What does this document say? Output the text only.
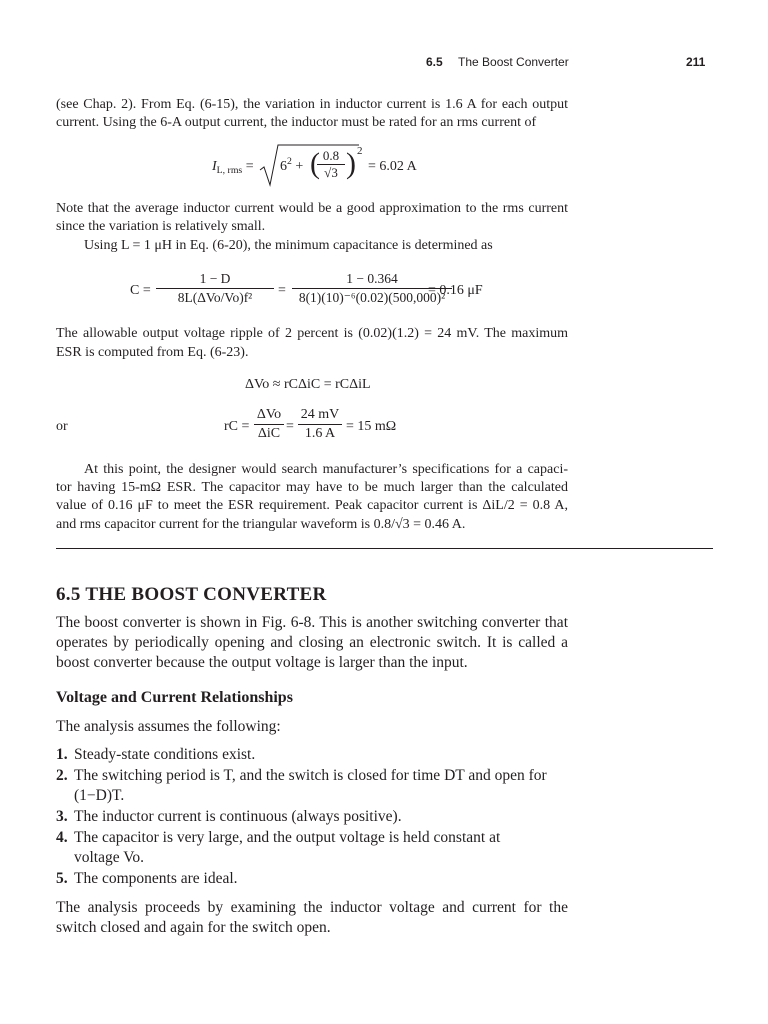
6.5 The Boost Converter	211
(see Chap. 2). From Eq. (6-15), the variation in inductor current is 1.6 A for each output
current. Using the 6-A output current, the inductor must be rated for an rms current of
$I_{L, rms} = 6^2$ + ( 0.8
√3 ) 2
= 6.02 A
Note that the average inductor current would be a good approximation to the rms current
since the variation is relatively small.
Using L = 1 μH in Eq. (6-20), the minimum capacitance is determined as
C =
1 − D
8L(ΔVo/Vo)f²	= $\frac{1 - 0.364}{\text{8(1)(10)⁻⁶(0.02)(500,000)²}}$
= 0.16 μF
The allowable output voltage ripple of 2 percent is (0.02)(1.2) = 24 mV. The maximum
ESR is computed from Eq. (6-23).
ΔVo ≈ rCΔiC = rCΔiL
or	rC =
ΔVo
$\Delta iC = \frac{24 mV}{1.6 A} = 15$ mΩ
At this point, the designer would search manufacturer’s specifications for a capaci-
tor having 15-mΩ ESR. The capacitor may have to be much larger than the calculated
value of 0.16 μF to meet the ESR requirement. Peak capacitor current is ΔiL/2 = 0.8 A,
and rms capacitor current for the triangular waveform is 0.8/√3 = 0.46 A.
6.5 THE BOOST CONVERTER
The boost converter is shown in Fig. 6-8. This is another switching converter that
operates by periodically opening and closing an electronic switch. It is called a
boost converter because the output voltage is larger than the input.
Voltage and Current Relationships
The analysis assumes the following:
1. Steady-state conditions exist.
2. The switching period is T, and the switch is closed for time DT and open for (1−D)T.
3. The inductor current is continuous (always positive).
4. The capacitor is very large, and the output voltage is held constant at voltage Vo.
5. The components are ideal.
The analysis proceeds by examining the inductor voltage and current for the
switch closed and again for the switch open.
